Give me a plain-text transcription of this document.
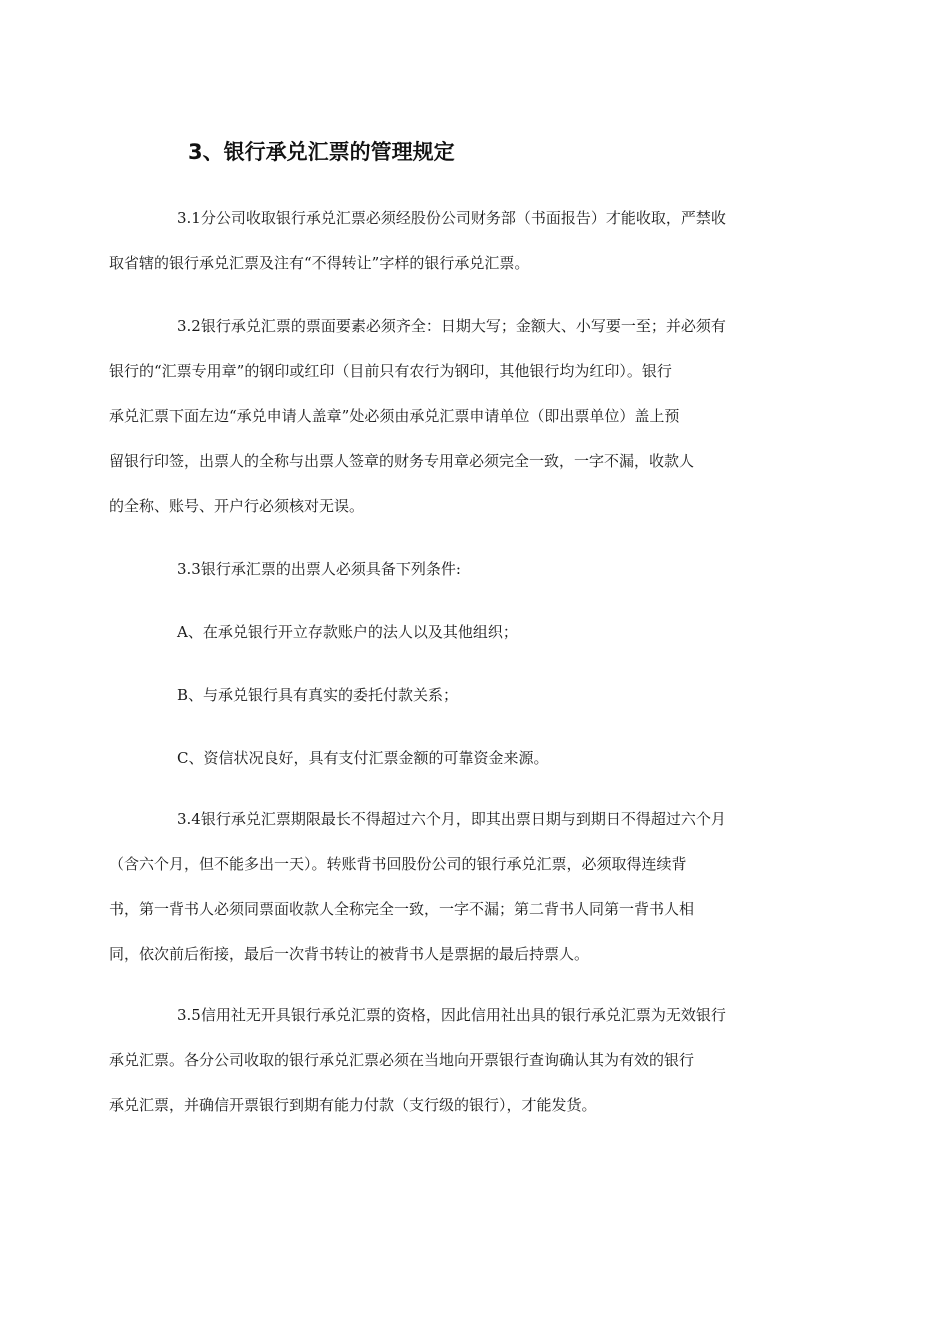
3、银行承兑汇票的管理规定

3.1分公司收取银行承兑汇票必须经股份公司财务部（书面报告）才能收取，严禁收
取省辖的银行承兑汇票及注有“不得转让”字样的银行承兑汇票。

3.2银行承兑汇票的票面要素必须齐全：日期大写；金额大、小写要一至；并必须有
银行的“汇票专用章”的钢印或红印（目前只有农行为钢印，其他银行均为红印）。银行
承兑汇票下面左边“承兑申请人盖章”处必须由承兑汇票申请单位（即出票单位）盖上预
留银行印签，出票人的全称与出票人签章的财务专用章必须完全一致，一字不漏，收款人
的全称、账号、开户行必须核对无误。

3.3银行承汇票的出票人必须具备下列条件:

A、在承兑银行开立存款账户的法人以及其他组织；

B、与承兑银行具有真实的委托付款关系；

C、资信状况良好，具有支付汇票金额的可靠资金来源。

3.4银行承兑汇票期限最长不得超过六个月，即其出票日期与到期日不得超过六个月
（含六个月，但不能多出一天）。转账背书回股份公司的银行承兑汇票，必须取得连续背
书，第一背书人必须同票面收款人全称完全一致，一字不漏；第二背书人同第一背书人相
同，依次前后衔接，最后一次背书转让的被背书人是票据的最后持票人。

3.5信用社无开具银行承兑汇票的资格，因此信用社出具的银行承兑汇票为无效银行
承兑汇票。各分公司收取的银行承兑汇票必须在当地向开票银行查询确认其为有效的银行
承兑汇票，并确信开票银行到期有能力付款（支行级的银行），才能发货。
